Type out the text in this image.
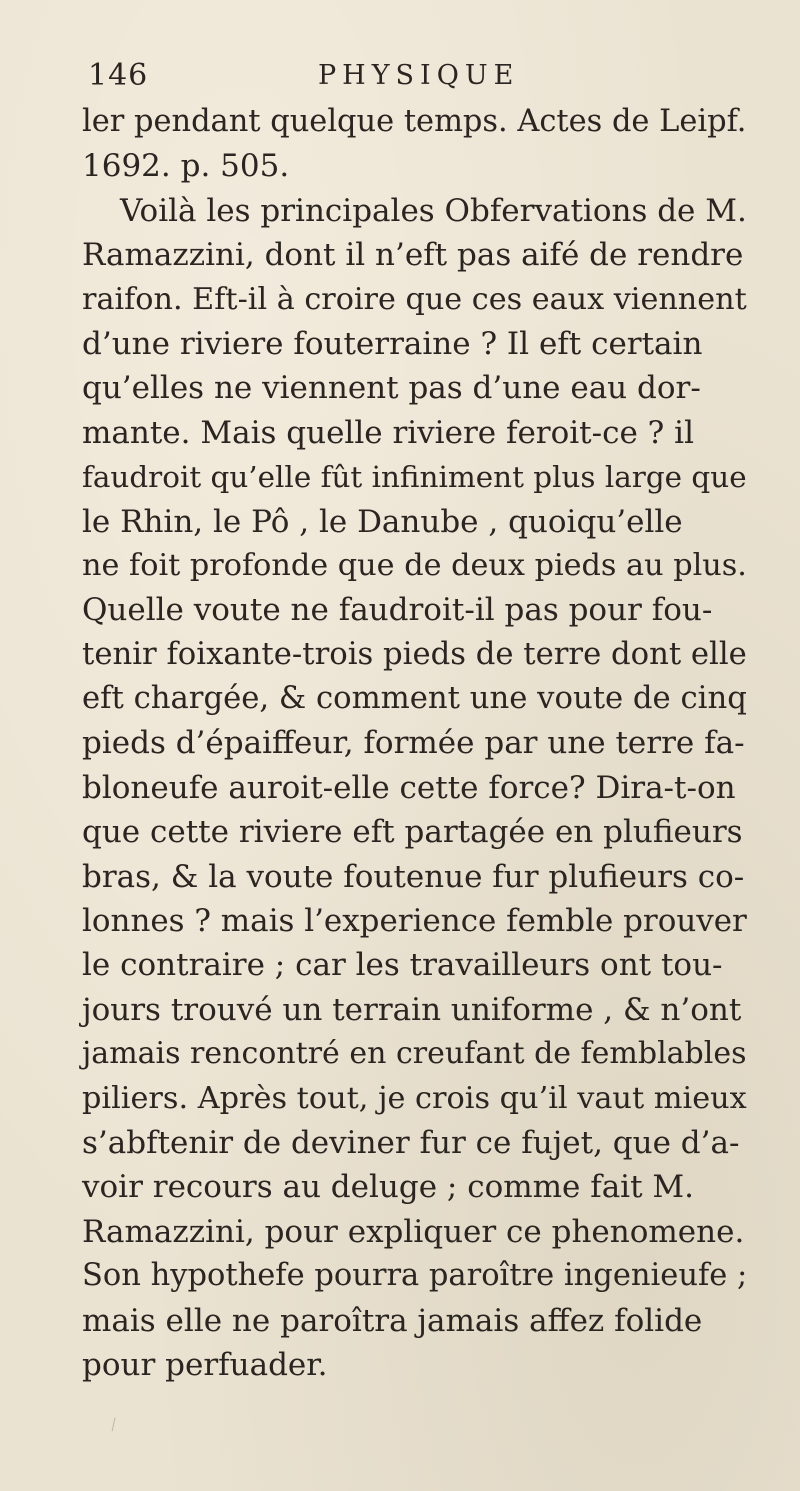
146	PHYSIQUE
ler pendant quelque temps. Actes de Leipf.
1692. p. 505.
Voilà les principales Obfervations de M.
Ramazzini, dont il n’eft pas aifé de rendre
raifon. Eft-il à croire que ces eaux viennent
d’une riviere fouterraine ? Il eft certain
qu’elles ne viennent pas d’une eau dor-
mante. Mais quelle riviere feroit-ce ? il
faudroit qu’elle fût infiniment plus large que
le Rhin, le Pô , le Danube , quoiqu’elle
ne foit profonde que de deux pieds au plus.
Quelle voute ne faudroit-il pas pour fou-
tenir foixante-trois pieds de terre dont elle
eft chargée, & comment une voute de cinq
pieds d’épaiffeur, formée par une terre fa-
bloneufe auroit-elle cette force? Dira-t-on
que cette riviere eft partagée en plufieurs
bras, & la voute foutenue fur plufieurs co-
lonnes ? mais l’experience femble prouver
le contraire ; car les travailleurs ont tou-
jours trouvé un terrain uniforme , & n’ont
jamais rencontré en creufant de femblables
piliers. Après tout, je crois qu’il vaut mieux
s’abftenir de deviner fur ce fujet, que d’a-
voir recours au deluge ; comme fait M.
Ramazzini, pour expliquer ce phenomene.
Son hypothefe pourra paroître ingenieufe ;
mais elle ne paroîtra jamais affez folide
pour perfuader.
